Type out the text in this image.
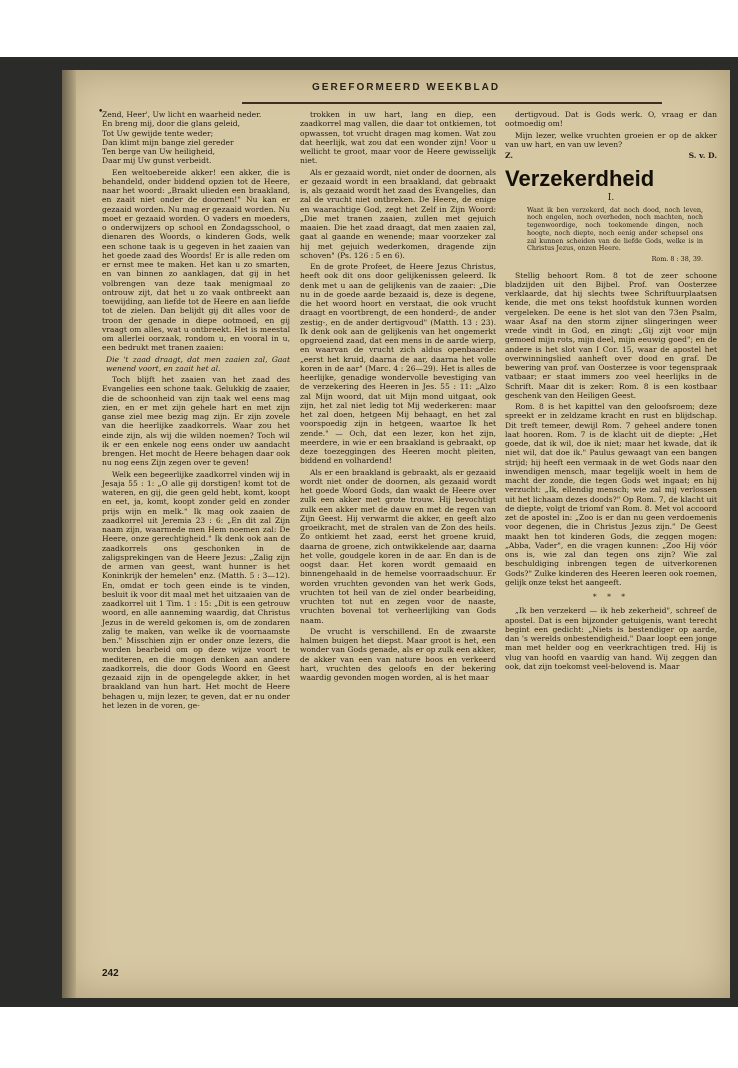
GEREFORMEERD WEEKBLAD
•

Zend, Heer', Uw licht en waarheid neder.
En breng mij, door die glans geleid,
Tot Uw gewijde tente weder;
Dan klimt mijn bange ziel gereder
Ten berge van Uw heiligheid,
Daar mij Uw gunst verbeidt.

Een weltoebereide akker! een akker, die is behandeld, onder biddend opzien tot de Heere, naar het woord: „Braakt ulieden een braakland, en zaait niet onder de doornen!" Nu kan er gezaaid worden. Nu mag er gezaaid worden. Nu moet er gezaaid worden. O vaders en moeders, o onderwijzers op school en Zondagsschool, o dienaren des Woords, o kinderen Gods, welk een schone taak is u gegeven in het zaaien van het goede zaad des Woords! Er is alle reden om er ernst mee te maken. Het kan u zo smarten, en van binnen zo aanklagen, dat gij in het volbrengen van deze taak menigmaal zo ontrouw zijt, dat het u zo vaak ontbreekt aan toewijding, aan liefde tot de Heere en aan liefde tot de zielen. Dan belijdt gij dit alles voor de troon der genade in diepe ootmoed, en gij vraagt om alles, wat u ontbreekt. Het is meestal om allerlei oorzaak, rondom u, en vooral in u, een bedrukt met tranen zaaien:

Die 't zaad draagt, dat men zaaien zal, Gaat wenend voort, en zaait het al.

Toch blijft het zaaien van het zaad des Evangelies een schone taak. Gelukkig de zaaier, die de schoonheid van zijn taak wel eens mag zien, en er met zijn gehele hart en met zijn ganse ziel mee bezig mag zijn. Er zijn zovele van die heerlijke zaadkorrels. Waar zou het einde zijn, als wij die wilden noemen? Toch wil ik er een enkele nog eens onder uw aandacht brengen. Het mocht de Heere behagen daar ook nu nog eens Zijn zegen over te geven!

Welk een begeerlijke zaadkorrel vinden wij in Jesaja 55 : 1: „O alle gij dorstigen! komt tot de wateren, en gij, die geen geld hebt, komt, koopt en eet, ja, komt, koopt zonder geld en zonder prijs wijn en melk." Ik mag ook zaaien de zaadkorrel uit Jeremia 23 : 6: „En dit zal Zijn naam zijn, waarmede men Hem noemen zal: De Heere, onze gerechtigheid." Ik denk ook aan de zaadkorrels ons geschonken in de zaligsprekingen van de Heere Jezus: „Zalig zijn de armen van geest, want hunner is het Koninkrijk der hemelen" enz. (Matth. 5 : 3—12). En, omdat er toch geen einde is te vinden, besluit ik voor dit maal met het uitzaaien van de zaadkorrel uit 1 Tim. 1 : 15: „Dit is een getrouw woord, en alle aanneming waardig, dat Christus Jezus in de wereld gekomen is, om de zondaren zalig te maken, van welke ik de voornaamste ben." Misschien zijn er onder onze lezers, die worden bearbeid om op deze wijze voort te mediteren, en die mogen denken aan andere zaadkorrels, die door Gods Woord en Geest gezaaid zijn in de opengelegde akker, in het braakland van hun hart. Het mocht de Heere behagen u, mijn lezer, te geven, dat er nu onder het lezen in de voren, ge-

trokken in uw hart, lang en diep, een zaadkorrel mag vallen, die daar tot ontkiemen, tot opwassen, tot vrucht dragen mag komen. Wat zou dat heerlijk, wat zou dat een wonder zijn! Voor u wellicht te groot, maar voor de Heere gewisselijk niet.

Als er gezaaid wordt, niet onder de doornen, als er gezaaid wordt in een braakland, dat gebraakt is, als gezaaid wordt het zaad des Evangelies, dan zal de vrucht niet ontbreken. De Heere, de enige en waarachtige God, zegt het Zelf in Zijn Woord: „Die met tranen zaaien, zullen met gejuich maaien. Die het zaad draagt, dat men zaaien zal, gaat al gaande en wenende; maar voorzeker zal hij met gejuich wederkomen, dragende zijn schoven" (Ps. 126 : 5 en 6).

En de grote Profeet, de Heere Jezus Christus, heeft ook dit ons door gelijkenissen geleerd. Ik denk met u aan de gelijkenis van de zaaier: „Die nu in de goede aarde bezaaid is, deze is degene, die het woord hoort en verstaat, die ook vrucht draagt en voortbrengt, de een honderd-, de ander zestig-, en de ander dertigvoud" (Matth. 13 : 23). Ik denk ook aan de gelijkenis van het ongemerkt opgroeiend zaad, dat een mens in de aarde wierp, en waarvan de vrucht zich aldus openbaarde: „eerst het kruid, daarna de aar, daarna het volle koren in de aar" (Marc. 4 : 26—29). Het is alles de heerlijke, genadige wondervolle bevestiging van de verzekering des Heeren in Jes. 55 : 11: „Alzo zal Mijn woord, dat uit Mijn mond uitgaat, ook zijn, het zal niet ledig tot Mij wederkeren: maar het zal doen, hetgeen Mij behaagt, en het zal voorspoedig zijn in hetgeen, waartoe Ik het zende." — Och, dat een lezer, kon het zijn, meerdere, in wie er een braakland is gebraakt, op deze toezeggingen des Heeren mocht pleiten, biddend en volhardend!

Als er een braakland is gebraakt, als er gezaaid wordt niet onder de doornen, als gezaaid wordt het goede Woord Gods, dan waakt de Heere over zulk een akker met grote trouw. Hij bevochtigt zulk een akker met de dauw en met de regen van Zijn Geest. Hij verwarmt die akker, en geeft alzo groeikracht, met de stralen van de Zon des heils. Zo ontkiemt het zaad, eerst het groene kruid, daarna de groene, zich ontwikkelende aar, daarna het volle, goudgele koren in de aar. En dan is de oogst daar. Het koren wordt gemaaid en binnengehaald in de hemelse voorraadschuur. Er worden vruchten gevonden van het werk Gods, vruchten tot heil van de ziel onder bearbeiding, vruchten tot nut en zegen voor de naaste, vruchten bovenal tot verheerlijking van Gods naam.

De vrucht is verschillend. En de zwaarste halmen buigen het diepst. Maar groot is het, een wonder van Gods genade, als er op zulk een akker, de akker van een van nature boos en verkeerd hart, vruchten des geloofs en der bekering waardig gevonden mogen worden, al is het maar

dertigvoud. Dat is Gods werk. O, vraag er dan ootmoedig om!

Mijn lezer, welke vruchten groeien er op de akker van uw hart, en van uw leven?

Z.	S. v. D.
Verzekerdheid
I.

Want ik ben verzekerd, dat noch dood, noch leven, noch engelen, noch overheden, noch machten, noch tegenwoordige, noch toekomende dingen, noch hoogte, noch diepte, noch eenig ander schepsel ons zal kunnen scheiden van de liefde Gods, welke is in Christus Jezus, onzen Heere.

Rom. 8 : 38, 39.

Stellig behoort Rom. 8 tot de zeer schoone bladzijden uit den Bijbel. Prof. van Oosterzee verklaarde, dat hij slechts twee Schriftuurplaatsen kende, die met ons tekst hoofdstuk kunnen worden vergeleken. De eene is het slot van den 73en Psalm, waar Asaf na den storm zijner slingeringen weer vrede vindt in God, en zingt: „Gij zijt voor mijn gemoed mijn rots, mijn deel, mijn eeuwig goed"; en de andere is het slot van I Cor. 15, waar de apostel het overwinningslied aanheft over dood en graf. De bewering van prof. van Oosterzee is voor tegenspraak vatbaar; er staat immers zoo veel heerlijks in de Schrift. Maar dit is zeker: Rom. 8 is een kostbaar geschenk van den Heiligen Geest.

Rom. 8 is het kapittel van den geloofsroem; deze spreekt er in zeldzame kracht en rust en blijdschap. Dit treft temeer, dewijl Rom. 7 geheel andere tonen laat hooren. Rom. 7 is de klacht uit de diepte: „Het goede, dat ik wil, doe ik niet; maar het kwade, dat ik niet wil, dat doe ik." Paulus gewaagt van een bangen strijd; hij heeft een vermaak in de wet Gods naar den inwendigen mensch, maar tegelijk woelt in hem de macht der zonde, die tegen Gods wet ingaat; en hij verzucht: „Ik, ellendig mensch; wie zal mij verlossen uit het lichaam dezes doods?" Op Rom. 7, de klacht uit de diepte, volgt de triomf van Rom. 8. Met vol accoord zet de apostel in: „Zoo is er dan nu geen verdoemenis voor degenen, die in Christus Jezus zijn." De Geest maakt hen tot kinderen Gods, die zeggen mogen: „Abba, Vader", en die vragen kunnen: „Zoo Hij vóór ons is, wie zal dan tegen ons zijn? Wie zal beschuldiging inbrengen tegen de uitverkorenen Gods?" Zulke kinderen des Heeren leeren ook roemen, gelijk onze tekst het aangeeft.

* * *

„Ik ben verzekerd — ik heb zekerheid", schreef de apostel. Dat is een bijzonder getuigenis, want terecht begint een gedicht: „Niets is bestendiger op aarde, dan 's werelds onbestendigheid." Daar loopt een jonge man met helder oog en veerkrachtigen tred. Hij is vlug van hoofd en vaardig van hand. Wij zeggen dan ook, dat zijn toekomst veel-belovend is. Maar

242
